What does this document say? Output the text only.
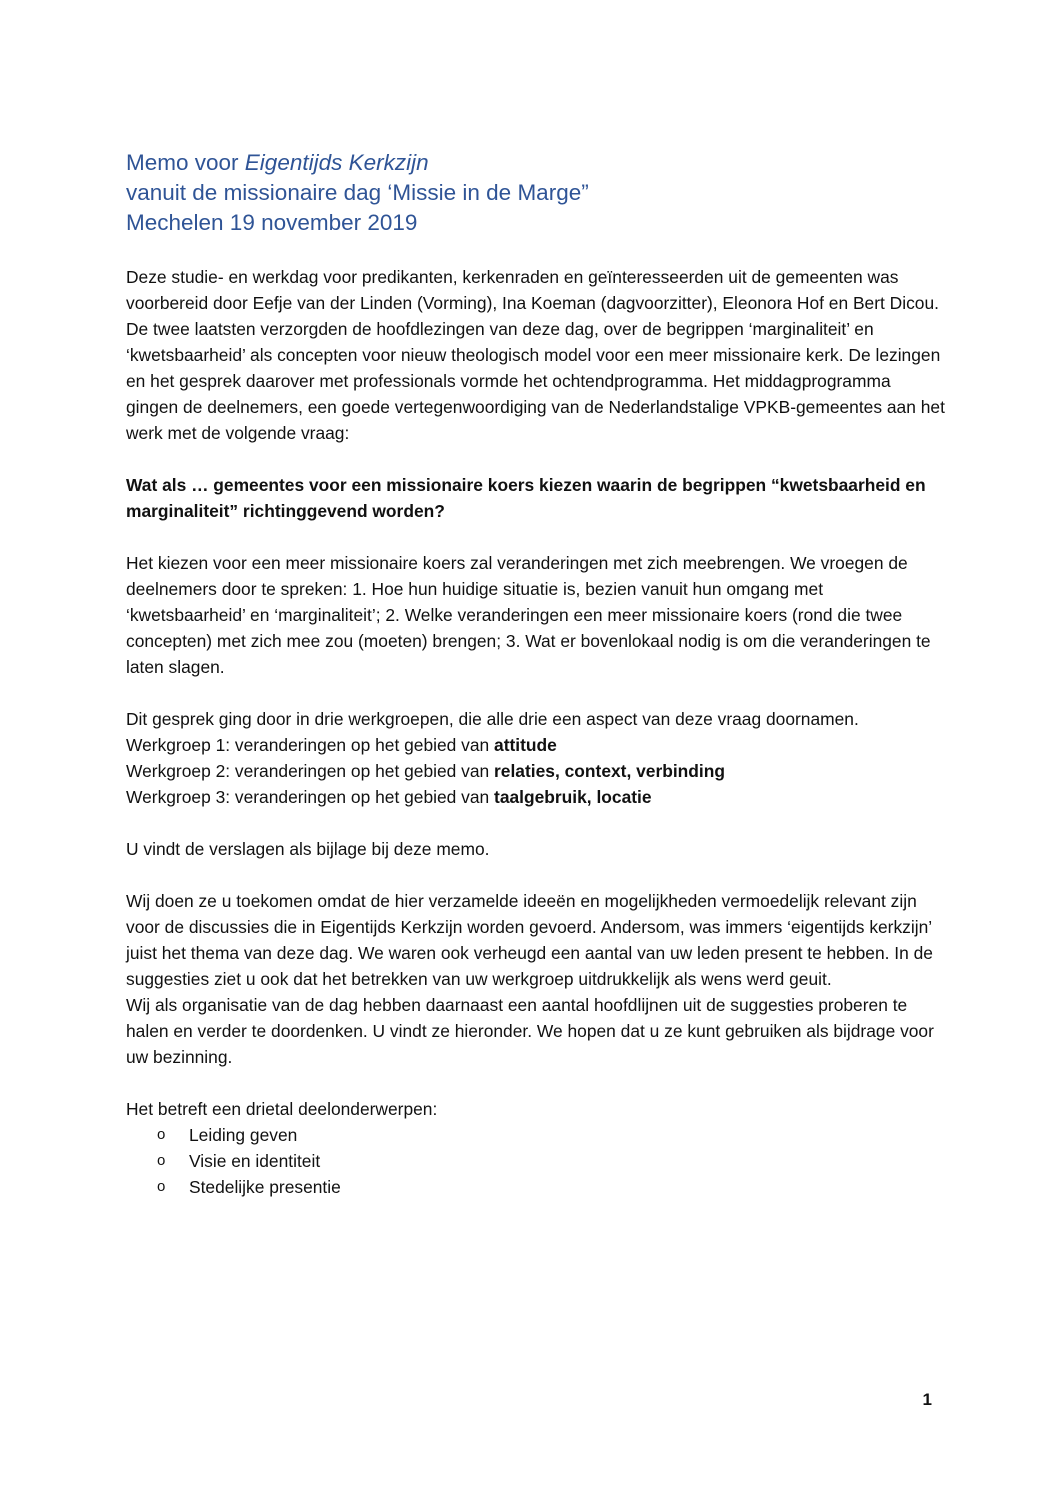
Memo voor Eigentijds Kerkzijn
vanuit de missionaire dag ‘Missie in de Marge”
Mechelen 19 november 2019

Deze studie- en werkdag voor predikanten, kerkenraden en geïnteresseerden uit de gemeenten was voorbereid door Eefje van der Linden (Vorming), Ina Koeman (dagvoorzitter), Eleonora Hof en Bert Dicou. De twee laatsten verzorgden de hoofdlezingen van deze dag, over de begrippen ‘marginaliteit’ en ‘kwetsbaarheid’ als concepten voor nieuw theologisch model voor een meer missionaire kerk. De lezingen en het gesprek daarover met professionals vormde het ochtendprogramma. Het middagprogramma gingen de deelnemers, een goede vertegenwoordiging van de Nederlandstalige VPKB-gemeentes aan het werk met de volgende vraag:

Wat als … gemeentes voor een missionaire koers kiezen waarin de begrippen “kwetsbaarheid en marginaliteit” richtinggevend worden?

Het kiezen voor een meer missionaire koers zal veranderingen met zich meebrengen. We vroegen de deelnemers door te spreken: 1. Hoe hun huidige situatie is, bezien vanuit hun omgang met ‘kwetsbaarheid’ en ‘marginaliteit’; 2. Welke veranderingen een meer missionaire koers (rond die twee concepten) met zich mee zou (moeten) brengen; 3. Wat er bovenlokaal nodig is om die veranderingen te laten slagen.

Dit gesprek ging door in drie werkgroepen, die alle drie een aspect van deze vraag doornamen.

Werkgroep 1: veranderingen op het gebied van attitude
Werkgroep 2: veranderingen op het gebied van relaties, context, verbinding
Werkgroep 3: veranderingen op het gebied van taalgebruik, locatie

U vindt de verslagen als bijlage bij deze memo.

Wij doen ze u toekomen omdat de hier verzamelde ideeën en mogelijkheden vermoedelijk relevant zijn voor de discussies die in Eigentijds Kerkzijn worden gevoerd. Andersom, was immers ‘eigentijds kerkzijn’ juist het thema van deze dag. We waren ook verheugd een aantal van uw leden present te hebben. In de suggesties ziet u ook dat het betrekken van uw werkgroep uitdrukkelijk als wens werd geuit.

Wij als organisatie van de dag hebben daarnaast een aantal hoofdlijnen uit de suggesties proberen te halen en verder te doordenken. U vindt ze hieronder. We hopen dat u ze kunt gebruiken als bijdrage voor uw bezinning.

Het betreft een drietal deelonderwerpen:

o Leiding geven
o Visie en identiteit
o Stedelijke presentie
1
